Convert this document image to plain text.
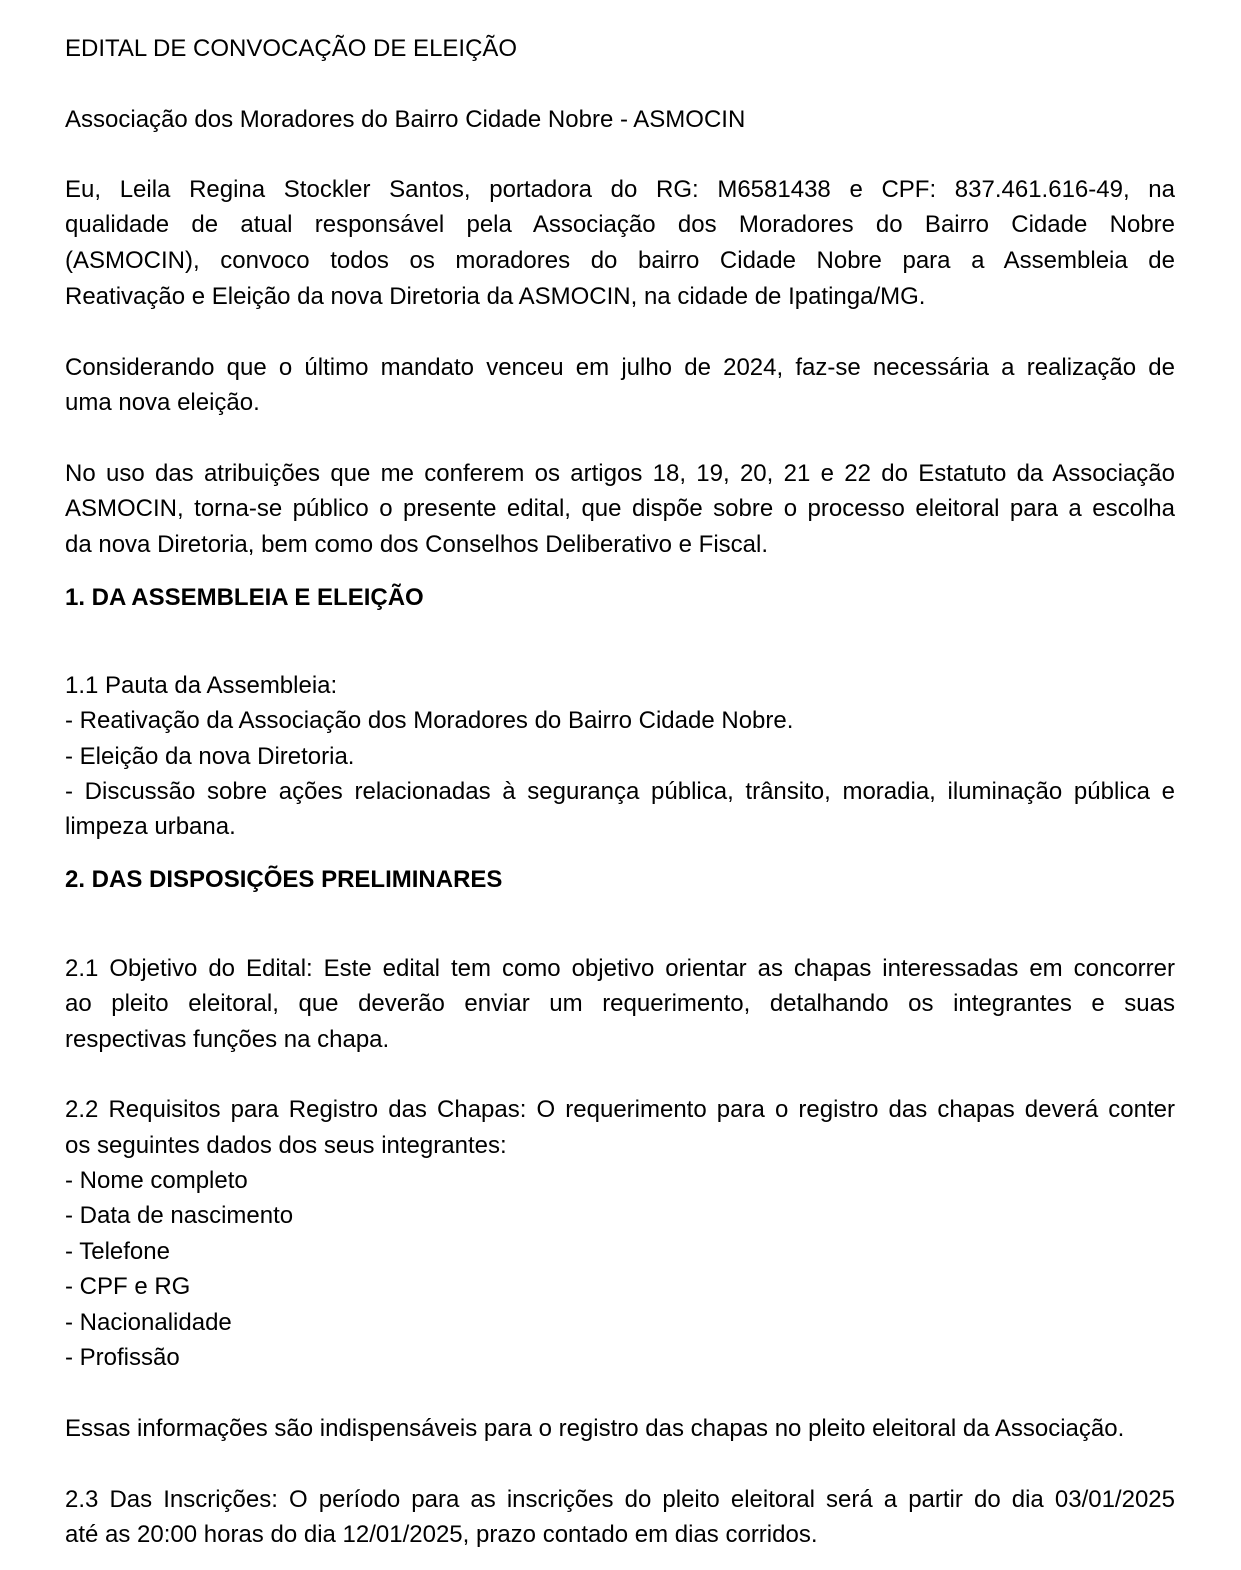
EDITAL DE CONVOCAÇÃO DE ELEIÇÃO
Associação dos Moradores do Bairro Cidade Nobre - ASMOCIN
Eu, Leila Regina Stockler Santos, portadora do RG: M6581438 e CPF: 837.461.616-49, na
qualidade de atual responsável pela Associação dos Moradores do Bairro Cidade Nobre
(ASMOCIN), convoco todos os moradores do bairro Cidade Nobre para a Assembleia de
Reativação e Eleição da nova Diretoria da ASMOCIN, na cidade de Ipatinga/MG.
Considerando que o último mandato venceu em julho de 2024, faz-se necessária a realização de
uma nova eleição.
No uso das atribuições que me conferem os artigos 18, 19, 20, 21 e 22 do Estatuto da Associação
ASMOCIN, torna-se público o presente edital, que dispõe sobre o processo eleitoral para a escolha
da nova Diretoria, bem como dos Conselhos Deliberativo e Fiscal.
1. DA ASSEMBLEIA E ELEIÇÃO
1.1 Pauta da Assembleia:
- Reativação da Associação dos Moradores do Bairro Cidade Nobre.
- Eleição da nova Diretoria.
- Discussão sobre ações relacionadas à segurança pública, trânsito, moradia, iluminação pública e
limpeza urbana.
2. DAS DISPOSIÇÕES PRELIMINARES
2.1 Objetivo do Edital: Este edital tem como objetivo orientar as chapas interessadas em concorrer
ao pleito eleitoral, que deverão enviar um requerimento, detalhando os integrantes e suas
respectivas funções na chapa.
2.2 Requisitos para Registro das Chapas: O requerimento para o registro das chapas deverá conter
os seguintes dados dos seus integrantes:
- Nome completo
- Data de nascimento
- Telefone
- CPF e RG
- Nacionalidade
- Profissão
Essas informações são indispensáveis para o registro das chapas no pleito eleitoral da Associação.
2.3 Das Inscrições: O período para as inscrições do pleito eleitoral será a partir do dia 03/01/2025
até as 20:00 horas do dia 12/01/2025, prazo contado em dias corridos.
